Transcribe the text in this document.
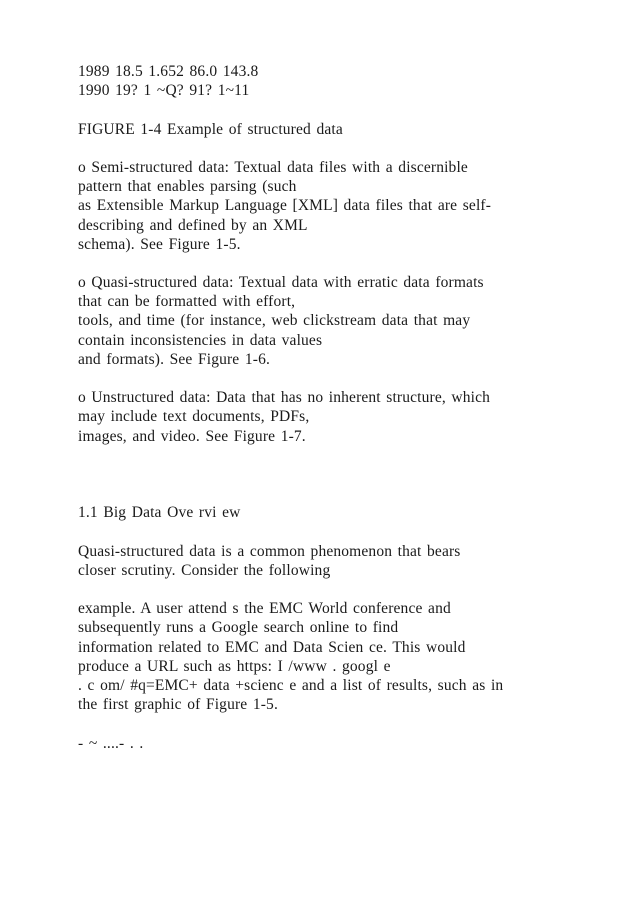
1989 18.5 1.652 86.0 143.8
1990 19? 1 ~Q? 91? 1~11
FIGURE 1-4 Example of structured data
o Semi-structured data: Textual data files with a discernible
pattern that enables parsing (such
as Extensible Markup Language [XML] data files that are self-
describing and defined by an XML
schema). See Figure 1-5.
o Quasi-structured data: Textual data with erratic data formats
that can be formatted with effort,
tools, and time (for instance, web clickstream data that may
contain inconsistencies in data values
and formats). See Figure 1-6.
o Unstructured data: Data that has no inherent structure, which
may include text documents, PDFs,
images, and video. See Figure 1-7.
1.1 Big Data Ove rvi ew
Quasi-structured data is a common phenomenon that bears
closer scrutiny. Consider the following
example. A user attend s the EMC World conference and
subsequently runs a Google search online to find
information related to EMC and Data Scien ce. This would
produce a URL such as https: I /www . googl e
. c om/ #q=EMC+ data +scienc e and a list of results, such as in
the first graphic of Figure 1-5.
- ~ ....- . .
